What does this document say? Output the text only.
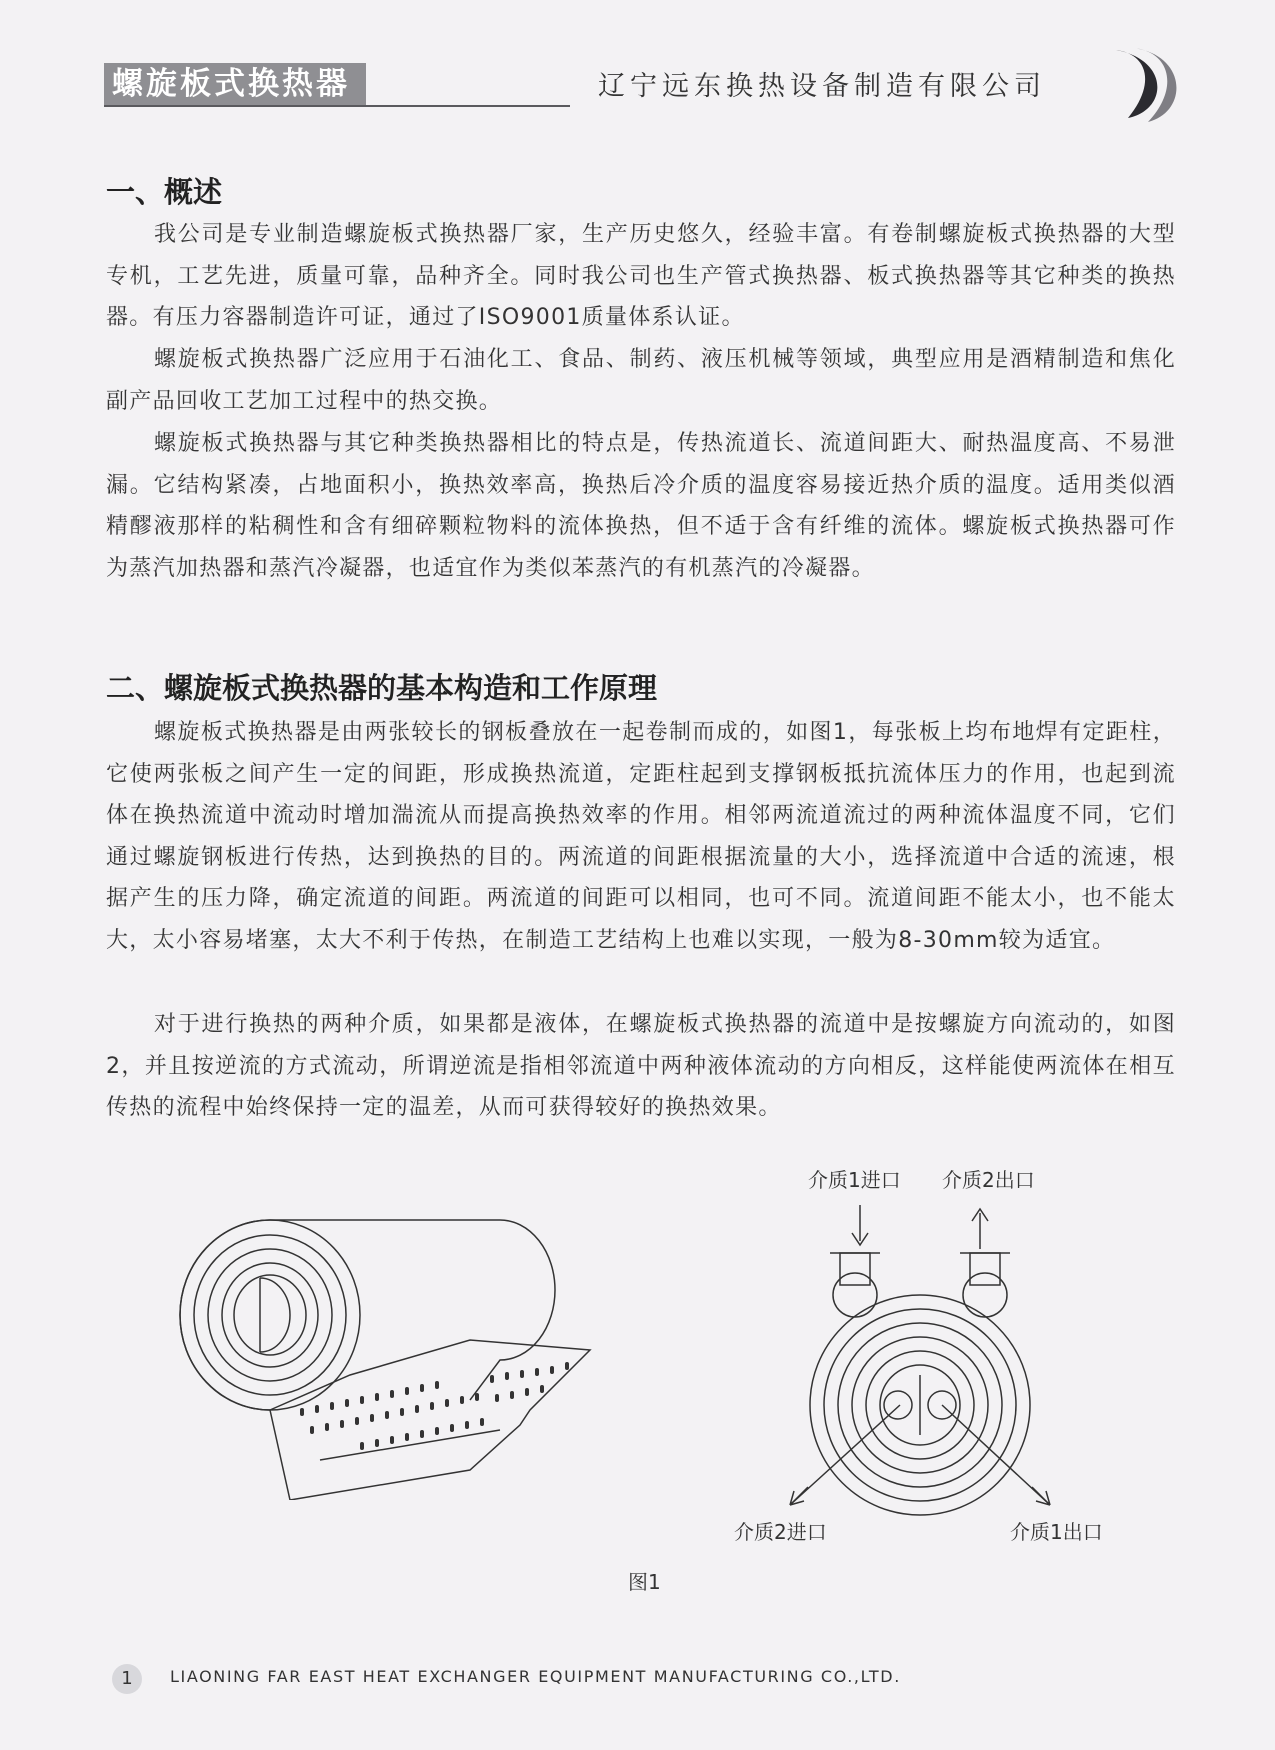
螺旋板式换热器	辽宁远东换热设备制造有限公司
一、概述

我公司是专业制造螺旋板式换热器厂家，生产历史悠久，经验丰富。有卷制螺旋板式换热器的大型专机，工艺先进，质量可靠，品种齐全。同时我公司也生产管式换热器、板式换热器等其它种类的换热器。有压力容器制造许可证，通过了ISO9001质量体系认证。

螺旋板式换热器广泛应用于石油化工、食品、制药、液压机械等领域，典型应用是酒精制造和焦化副产品回收工艺加工过程中的热交换。

螺旋板式换热器与其它种类换热器相比的特点是，传热流道长、流道间距大、耐热温度高、不易泄漏。它结构紧凑，占地面积小，换热效率高，换热后冷介质的温度容易接近热介质的温度。适用类似酒精醪液那样的粘稠性和含有细碎颗粒物料的流体换热，但不适于含有纤维的流体。螺旋板式换热器可作为蒸汽加热器和蒸汽冷凝器，也适宜作为类似苯蒸汽的有机蒸汽的冷凝器。

二、螺旋板式换热器的基本构造和工作原理

螺旋板式换热器是由两张较长的钢板叠放在一起卷制而成的，如图1，每张板上均布地焊有定距柱，它使两张板之间产生一定的间距，形成换热流道，定距柱起到支撑钢板抵抗流体压力的作用，也起到流体在换热流道中流动时增加湍流从而提高换热效率的作用。相邻两流道流过的两种流体温度不同，它们通过螺旋钢板进行传热，达到换热的目的。两流道的间距根据流量的大小，选择流道中合适的流速，根据产生的压力降，确定流道的间距。两流道的间距可以相同，也可不同。流道间距不能太小，也不能太大，太小容易堵塞，太大不利于传热，在制造工艺结构上也难以实现，一般为8-30mm较为适宜。

对于进行换热的两种介质，如果都是液体，在螺旋板式换热器的流道中是按螺旋方向流动的，如图2，并且按逆流的方式流动，所谓逆流是指相邻流道中两种液体流动的方向相反，这样能使两流体在相互传热的流程中始终保持一定的温差，从而可获得较好的换热效果。

介质1进口 介质2出口
介质2进口	介质1出口
图1
1	LIAONING FAR EAST HEAT EXCHANGER EQUIPMENT MANUFACTURING CO.,LTD.
